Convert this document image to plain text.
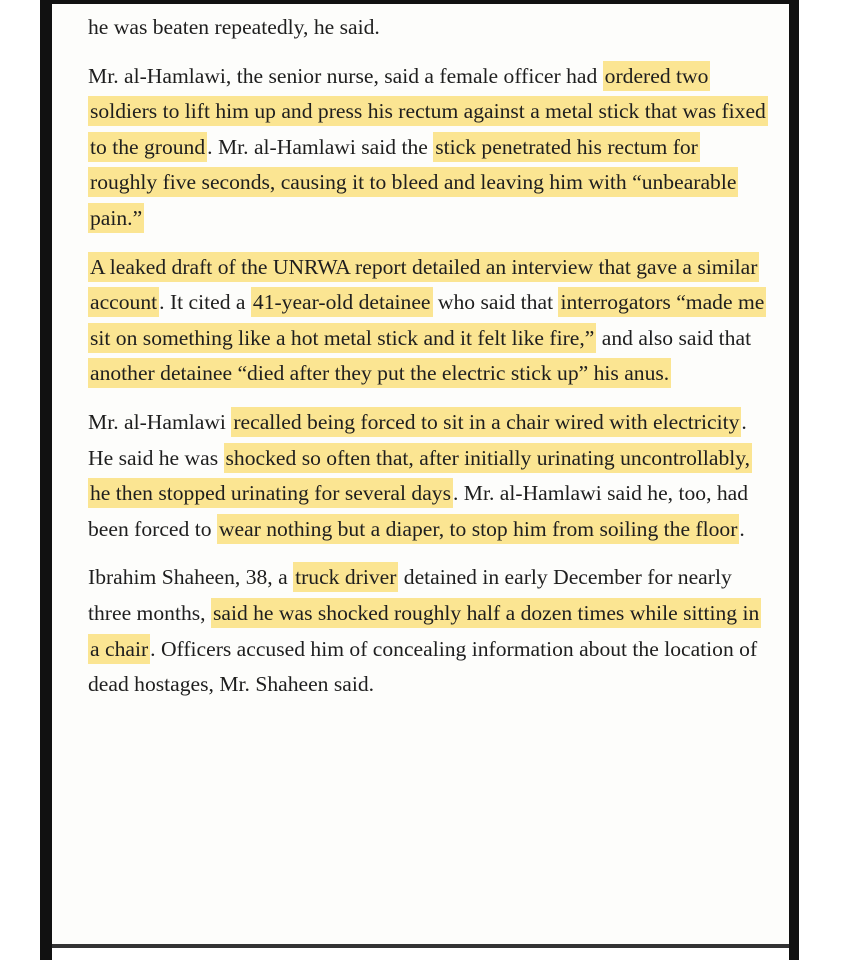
he was beaten repeatedly, he said.

Mr. al-Hamlawi, the senior nurse, said a female officer had ordered two soldiers to lift him up and press his rectum against a metal stick that was fixed to the ground. Mr. al-Hamlawi said the stick penetrated his rectum for roughly five seconds, causing it to bleed and leaving him with “unbearable pain.”

A leaked draft of the UNRWA report detailed an interview that gave a similar account. It cited a 41-year-old detainee who said that interrogators “made me sit on something like a hot metal stick and it felt like fire,” and also said that another detainee “died after they put the electric stick up” his anus.

Mr. al-Hamlawi recalled being forced to sit in a chair wired with electricity. He said he was shocked so often that, after initially urinating uncontrollably, he then stopped urinating for several days. Mr. al-Hamlawi said he, too, had been forced to wear nothing but a diaper, to stop him from soiling the floor.

Ibrahim Shaheen, 38, a truck driver detained in early December for nearly three months, said he was shocked roughly half a dozen times while sitting in a chair. Officers accused him of concealing information about the location of dead hostages, Mr. Shaheen said.
